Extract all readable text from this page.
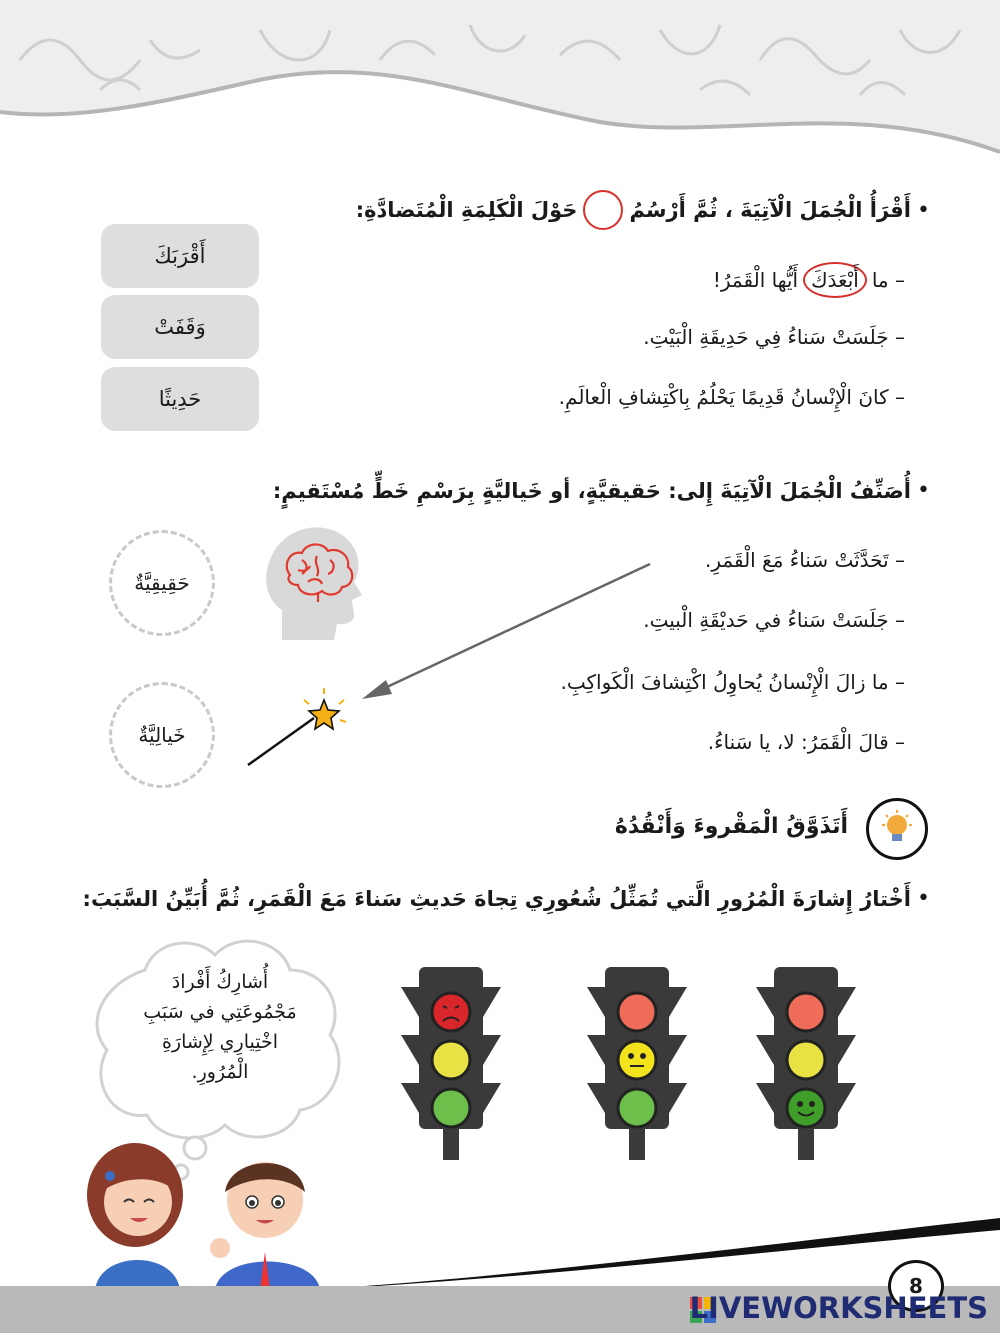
•
أَقْرَأُ الْجُمَلَ الْآتِيَةَ ، ثُمَّ أَرْسُمُ
حَوْلَ الْكَلِمَةِ الْمُتَضادَّةِ:
– ما
أَبْعَدَكَ
أَيُّها الْقَمَرُ!
– جَلَسَتْ سَناءُ فِي حَدِيقَةِ الْبَيْتِ.
– كانَ الْإِنْسانُ قَدِيمًا يَحْلُمُ بِاكْتِشافِ الْعالَمِ.
أَقْرَبَكَ
وَقَفَتْ
حَدِيثًا
•
أُصَنِّفُ الْجُمَلَ الْآتِيَةَ إِلى: حَقيقيَّةٍ، أو خَياليَّةٍ بِرَسْمِ خَطٍّ مُسْتَقيمٍ:
– تَحَدَّثَتْ سَناءُ مَعَ الْقَمَرِ.
– جَلَسَتْ سَناءُ في حَديْقَةِ الْبيتِ.
– ما زالَ الْإِنْسانُ يُحاوِلُ اكْتِشافَ الْكَواكِبِ.
– قالَ الْقَمَرُ: لا، يا سَناءُ.
حَقِيقِيَّةٌ
خَيالِيَّةٌ
أَتَذَوَّقُ الْمَقْروءَ وَأَنْقُدُهُ
•
أَخْتارُ إِشارَةَ الْمُرُورِ الَّتي تُمَثِّلُ شُعُورِي تِجاهَ حَديثِ سَناءَ مَعَ الْقَمَرِ، ثُمَّ أُبَيِّنُ السَّبَبَ:
أُشارِكُ أَفْرادَ
مَجْمُوعَتِي في سَبَبِ
اخْتِيارِي لِإِشارَةِ
الْمُرُورِ.
8
LIVEWORKSHEETS
